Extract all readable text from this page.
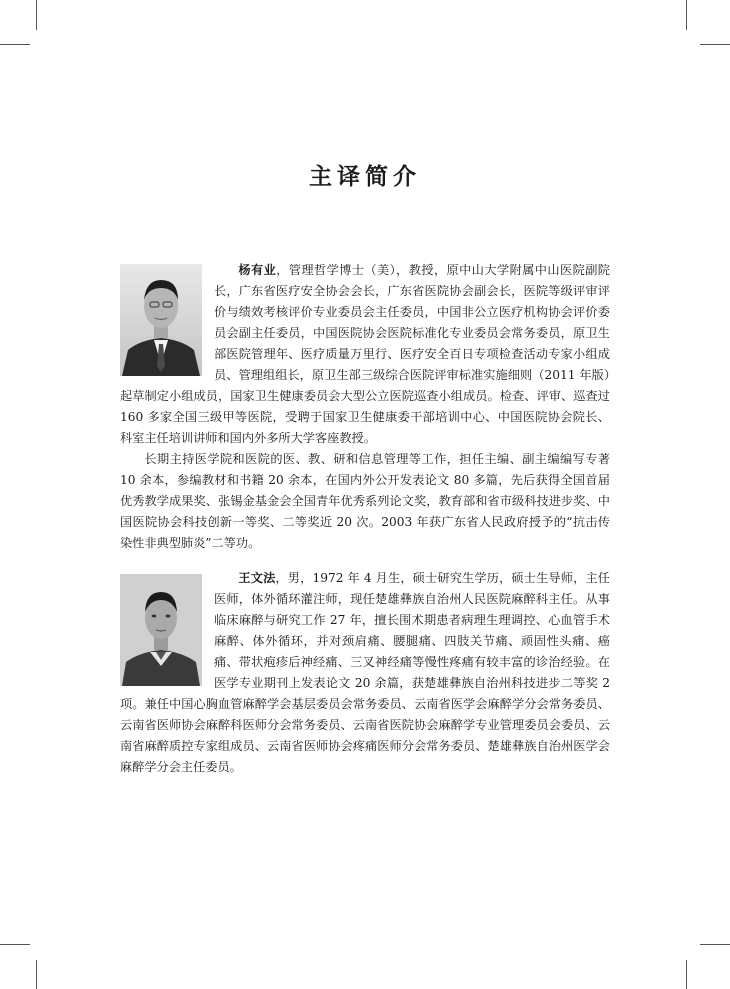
主译简介

杨有业，管理哲学博士（美），教授，原中山大学附属中山医院副院长，广东省医疗安全协会会长，广东省医院协会副会长，医院等级评审评价与绩效考核评价专业委员会主任委员，中国非公立医疗机构协会评价委员会副主任委员，中国医院协会医院标准化专业委员会常务委员，原卫生部医院管理年、医疗质量万里行、医疗安全百日专项检查活动专家小组成员、管理组组长，原卫生部三级综合医院评审标准实施细则（2011 年版）起草制定小组成员，国家卫生健康委员会大型公立医院巡查小组成员。检查、评审、巡查过 160 多家全国三级甲等医院，受聘于国家卫生健康委干部培训中心、中国医院协会院长、科室主任培训讲师和国内外多所大学客座教授。

长期主持医学院和医院的医、教、研和信息管理等工作，担任主编、副主编编写专著 10 余本，参编教材和书籍 20 余本，在国内外公开发表论文 80 多篇，先后获得全国首届优秀教学成果奖、张锡金基金会全国青年优秀系列论文奖，教育部和省市级科技进步奖、中国医院协会科技创新一等奖、二等奖近 20 次。2003 年获广东省人民政府授予的“抗击传染性非典型肺炎”二等功。

王文法，男，1972 年 4 月生，硕士研究生学历，硕士生导师，主任医师，体外循环灌注师，现任楚雄彝族自治州人民医院麻醉科主任。从事临床麻醉与研究工作 27 年，擅长围术期患者病理生理调控、心血管手术麻醉、体外循环，并对颈肩痛、腰腿痛、四肢关节痛、顽固性头痛、癌痛、带状疱疹后神经痛、三叉神经痛等慢性疼痛有较丰富的诊治经验。在医学专业期刊上发表论文 20 余篇，获楚雄彝族自治州科技进步二等奖 2 项。兼任中国心胸血管麻醉学会基层委员会常务委员、云南省医学会麻醉学分会常务委员、云南省医师协会麻醉科医师分会常务委员、云南省医院协会麻醉学专业管理委员会委员、云南省麻醉质控专家组成员、云南省医师协会疼痛医师分会常务委员、楚雄彝族自治州医学会麻醉学分会主任委员。
